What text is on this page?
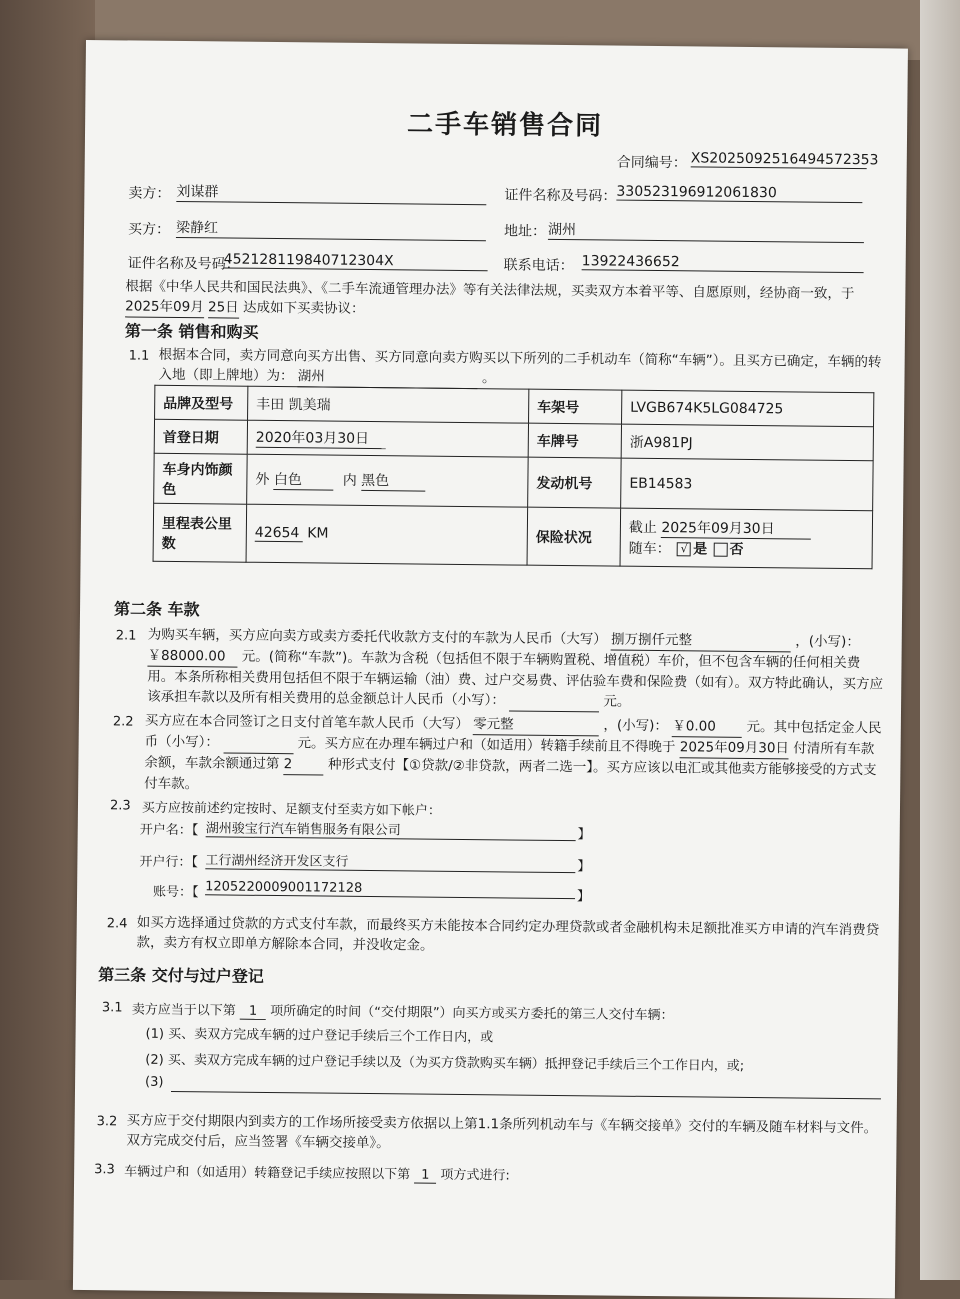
二手车销售合同
合同编号： XS2025092516494572353
卖方： 刘谋群	证件名称及号码： 330523196912061830
买方： 梁静红	地址： 湖州
证件名称及号码：
452128119840712304X	联系电话： 13922436652
根据《中华人民共和国民法典》、《二手车流通管理办法》等有关法律法规，买卖双方本着平等、自愿原则，经协商一致，于 2025年09月 25日 达成如下买卖协议：
第一条 销售和购买
1.1 根据本合同，卖方同意向买方出售、买方同意向卖方购买以下所列的二手机动车（简称“车辆”）。且买方已确定，车辆的转入地（即上牌地）为： 湖州	。
品牌及型号	丰田 凯美瑞	车架号	LVGB674K5LG084725
首登日期	2020年03月30日	车牌号	浙A981PJ
车身内饰颜色	外 白色 内 黑色	发动机号	EB14583
里程表公里数	42654 KM	保险状况	截止 2025年09月30日
随车： √ 是 否
第二条 车款
2.1 为购买车辆，买方应向卖方或卖方委托代收款方支付的车款为人民币（大写） 捌万捌仟元整	，(小写)： ￥88000.00 元。(简称“车款”)。车款为含税（包括但不限于车辆购置税、增值税）车价，但不包含车辆的任何相关费用。本条所称相关费用包括但不限于车辆运输（油）费、过户交易费、评估验车费和保险费（如有）。双方特此确认，买方应该承担车款以及所有相关费用的总金额总计人民币（小写）：	元。
2.2 买方应在本合同签订之日支付首笔车款人民币（大写） 零元整	，(小写)： ￥0.00 元。其中包括定金人民币（小写）：	元。买方应在办理车辆过户和（如适用）转籍手续前且不得晚于 2025年09月30日 付清所有车款余额，车款余额通过第 2	种形式支付【①贷款/②非贷款，两者二选一】。买方应该以电汇或其他卖方能够接受的方式支付车款。
2.3 买方应按前述约定按时、足额支付至卖方如下帐户：
开户名：【 湖州骏宝行汽车销售服务有限公司	】
开户行：【 工行湖州经济开发区支行	】
账号：【 1205220009001172128
】
2.4 如买方选择通过贷款的方式支付车款，而最终买方未能按本合同约定办理贷款或者金融机构未足额批准买方申请的汽车消费贷款，卖方有权立即单方解除本合同，并没收定金。
第三条 交付与过户登记
3.1 卖方应当于以下第 1 项所确定的时间（“交付期限”）向买方或买方委托的第三人交付车辆：
(1) 买、卖双方完成车辆的过户登记手续后三个工作日内，或
(2) 买、卖双方完成车辆的过户登记手续以及（为买方贷款购买车辆）抵押登记手续后三个工作日内，或;
(3)
3.2 买方应于交付期限内到卖方的工作场所接受卖方依据以上第1.1条所列机动车与《车辆交接单》交付的车辆及随车材料与文件。双方完成交付后，应当签署《车辆交接单》。
3.3 车辆过户和（如适用）转籍登记手续应按照以下第 1 项方式进行:
